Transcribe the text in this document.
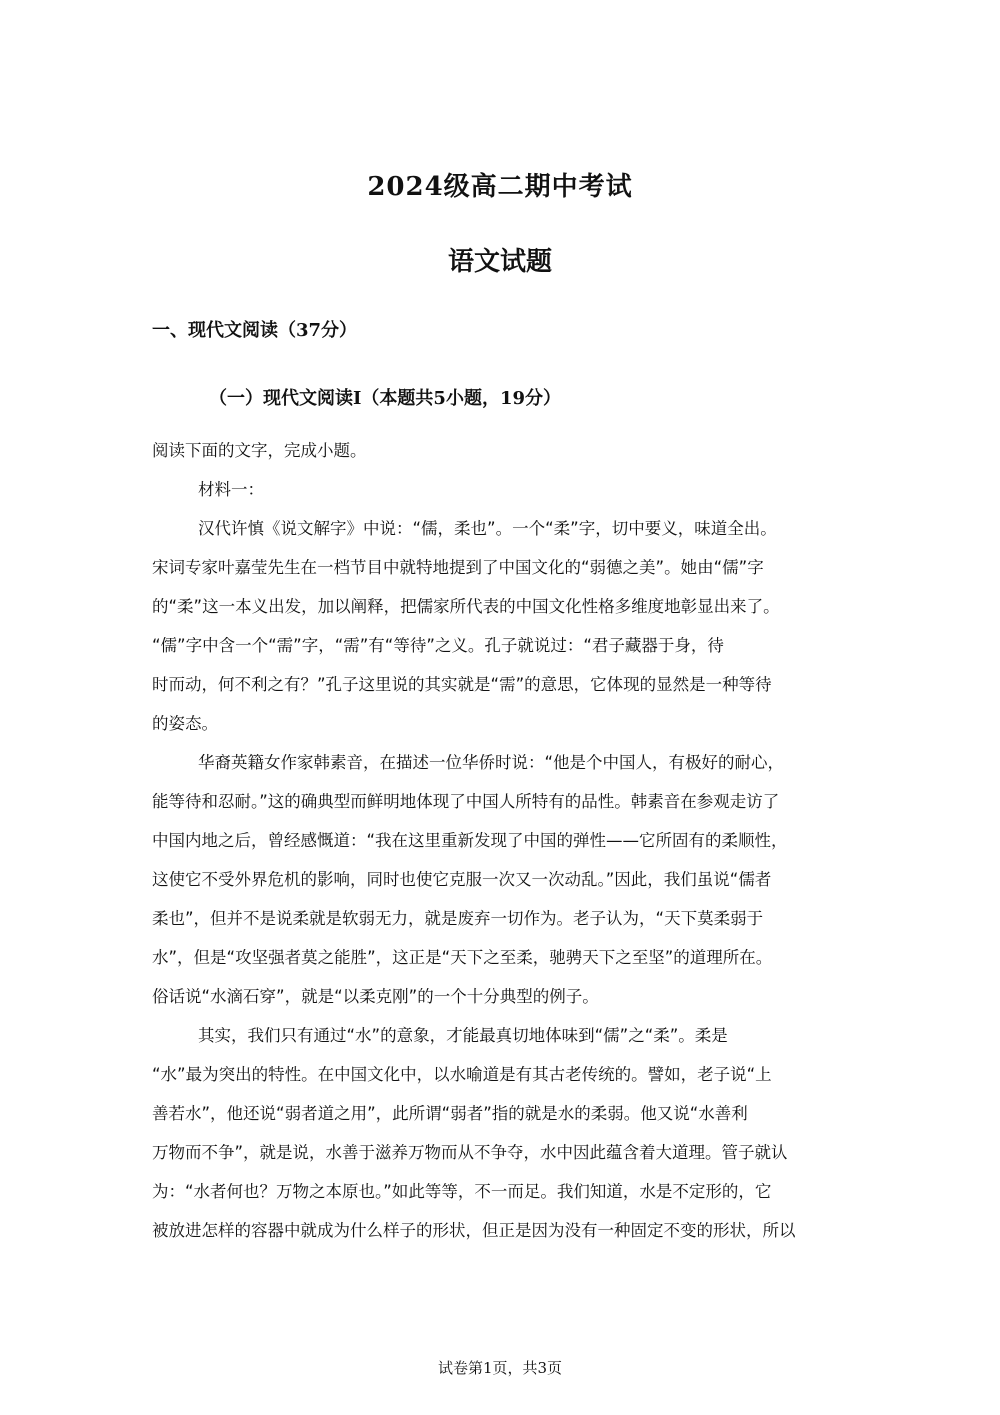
2024级高二期中考试
语文试题
一、现代文阅读（37分）
（一）现代文阅读Ⅰ（本题共5小题，19分）
阅读下面的文字，完成小题。
材料一：
汉代许慎《说文解字》中说：“儒，柔也”。一个“柔”字，切中要义，味道全出。
宋词专家叶嘉莹先生在一档节目中就特地提到了中国文化的“弱德之美”。她由“儒”字
的“柔”这一本义出发，加以阐释，把儒家所代表的中国文化性格多维度地彰显出来了。
“儒”字中含一个“需”字，“需”有“等待”之义。孔子就说过：“君子藏器于身，待
时而动，何不利之有？”孔子这里说的其实就是“需”的意思，它体现的显然是一种等待
的姿态。
华裔英籍女作家韩素音，在描述一位华侨时说：“他是个中国人，有极好的耐心，
能等待和忍耐。”这的确典型而鲜明地体现了中国人所特有的品性。韩素音在参观走访了
中国内地之后，曾经感慨道：“我在这里重新发现了中国的弹性——它所固有的柔顺性，
这使它不受外界危机的影响，同时也使它克服一次又一次动乱。”因此，我们虽说“儒者
柔也”，但并不是说柔就是软弱无力，就是废弃一切作为。老子认为，“天下莫柔弱于
水”，但是“攻坚强者莫之能胜”，这正是“天下之至柔，驰骋天下之至坚”的道理所在。
俗话说“水滴石穿”，就是“以柔克刚”的一个十分典型的例子。
其实，我们只有通过“水”的意象，才能最真切地体味到“儒”之“柔”。柔是
“水”最为突出的特性。在中国文化中，以水喻道是有其古老传统的。譬如，老子说“上
善若水”，他还说“弱者道之用”，此所谓“弱者”指的就是水的柔弱。他又说“水善利
万物而不争”，就是说，水善于滋养万物而从不争夺，水中因此蕴含着大道理。管子就认
为：“水者何也？万物之本原也。”如此等等，不一而足。我们知道，水是不定形的，它
被放进怎样的容器中就成为什么样子的形状，但正是因为没有一种固定不变的形状，所以
试卷第1页，共3页
